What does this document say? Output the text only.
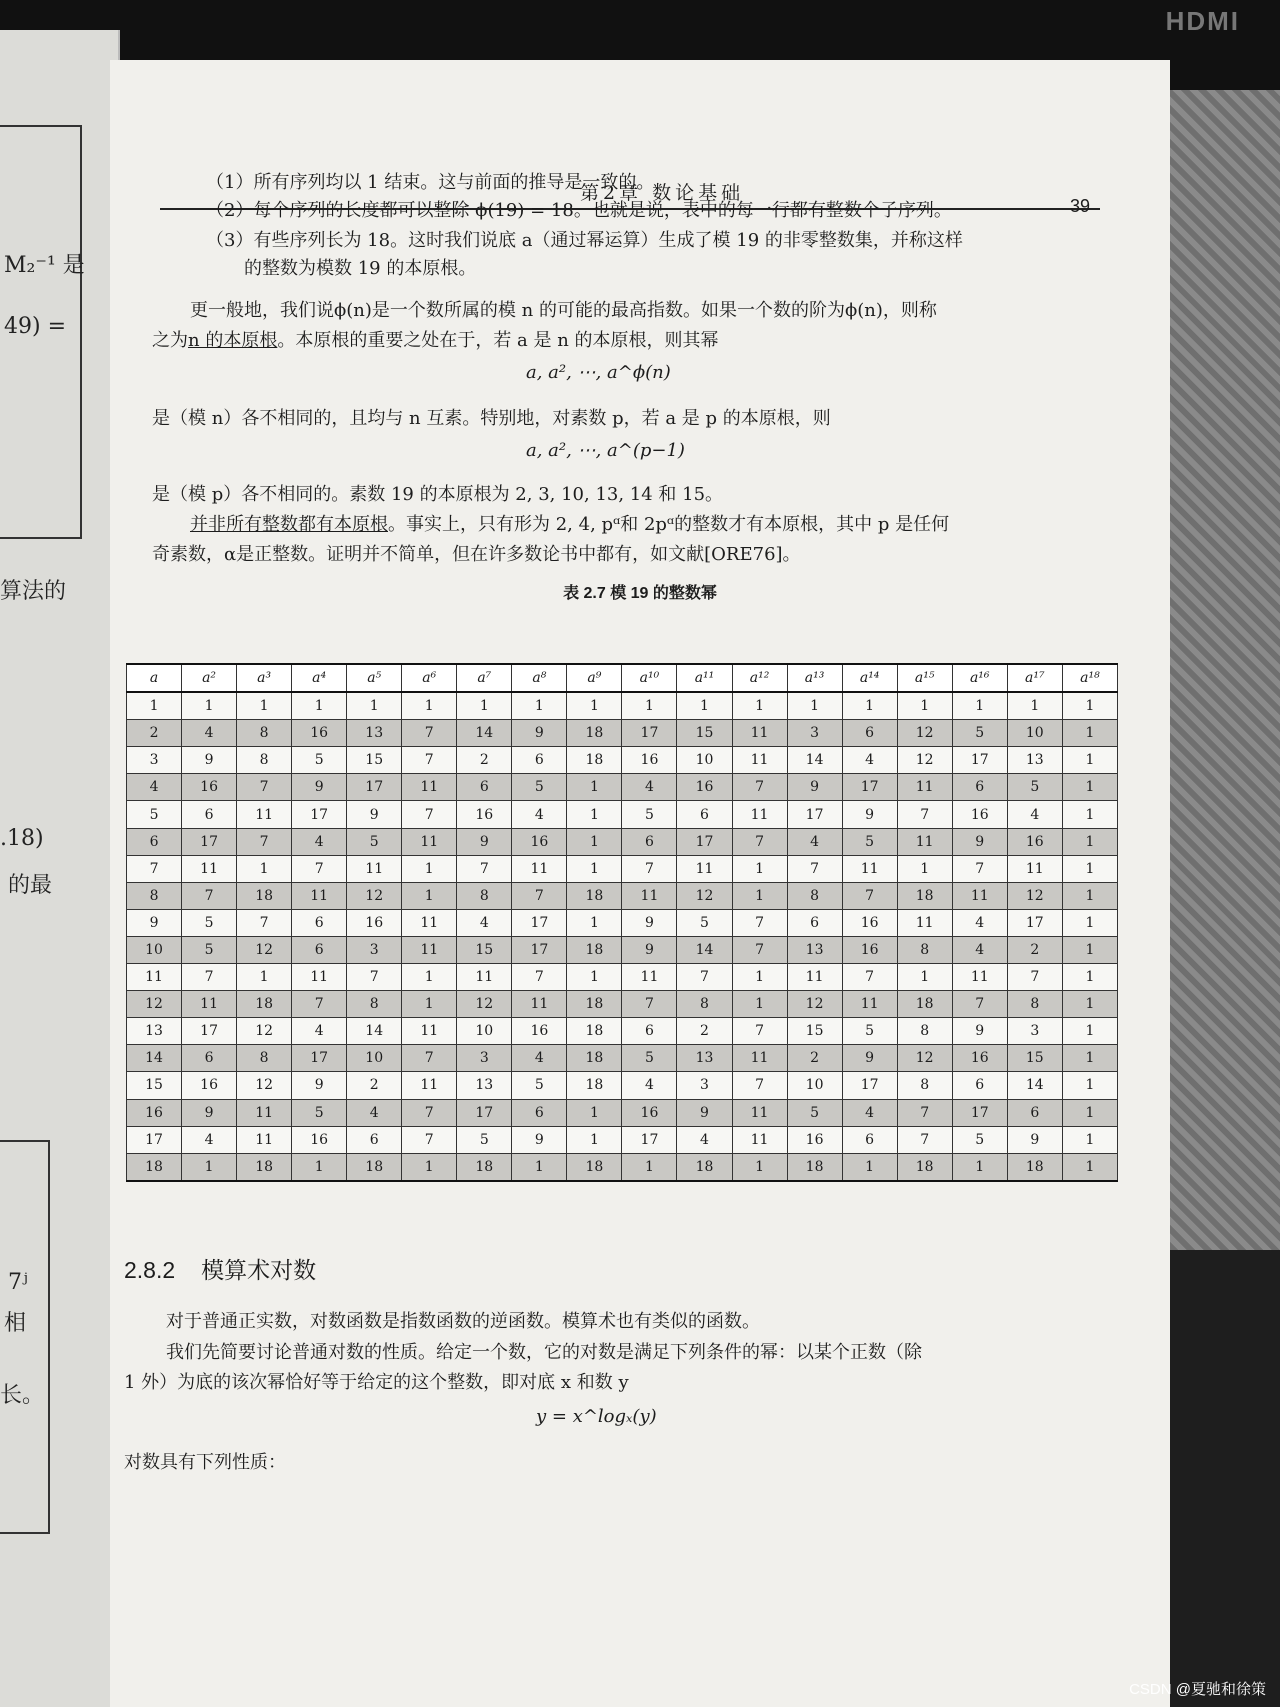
HDMI
M₂⁻¹ 是
49) =
算法的
.18)
的最
7ʲ
相
长。
第2章 数论基础
39
（1）所有序列均以 1 结束。这与前面的推导是一致的。
（2）每个序列的长度都可以整除 ϕ(19) = 18。也就是说，表中的每一行都有整数个子序列。
（3）有些序列长为 18。这时我们说底 a（通过幂运算）生成了模 19 的非零整数集，并称这样
的整数为模数 19 的本原根。
更一般地，我们说ϕ(n)是一个数所属的模 n 的可能的最高指数。如果一个数的阶为ϕ(n)，则称
之为n 的本原根。本原根的重要之处在于，若 a 是 n 的本原根，则其幂
a, a², ⋯, a^ϕ(n)
是（模 n）各不相同的，且均与 n 互素。特别地，对素数 p，若 a 是 p 的本原根，则
a, a², ⋯, a^(p−1)
是（模 p）各不相同的。素数 19 的本原根为 2, 3, 10, 13, 14 和 15。
并非所有整数都有本原根。事实上，只有形为 2, 4, pᵅ和 2pᵅ的整数才有本原根，其中 p 是任何
奇素数，α是正整数。证明并不简单，但在许多数论书中都有，如文献[ORE76]。
表 2.7 模 19 的整数幂
a	a²	a³	a⁴	a⁵	a⁶	a⁷	a⁸	a⁹	a¹⁰	a¹¹	a¹²	a¹³	a¹⁴	a¹⁵	a¹⁶	a¹⁷	a¹⁸
1	1	1	1	1	1	1	1	1	1	1	1	1	1	1	1	1	1
2	4	8	16	13	7	14	9	18	17	15	11	3	6	12	5	10	1
3	9	8	5	15	7	2	6	18	16	10	11	14	4	12	17	13	1
4	16	7	9	17	11	6	5	1	4	16	7	9	17	11	6	5	1
5	6	11	17	9	7	16	4	1	5	6	11	17	9	7	16	4	1
6	17	7	4	5	11	9	16	1	6	17	7	4	5	11	9	16	1
7	11	1	7	11	1	7	11	1	7	11	1	7	11	1	7	11	1
8	7	18	11	12	1	8	7	18	11	12	1	8	7	18	11	12	1
9	5	7	6	16	11	4	17	1	9	5	7	6	16	11	4	17	1
10	5	12	6	3	11	15	17	18	9	14	7	13	16	8	4	2	1
11	7	1	11	7	1	11	7	1	11	7	1	11	7	1	11	7	1
12	11	18	7	8	1	12	11	18	7	8	1	12	11	18	7	8	1
13	17	12	4	14	11	10	16	18	6	2	7	15	5	8	9	3	1
14	6	8	17	10	7	3	4	18	5	13	11	2	9	12	16	15	1
15	16	12	9	2	11	13	5	18	4	3	7	10	17	8	6	14	1
16	9	11	5	4	7	17	6	1	16	9	11	5	4	7	17	6	1
17	4	11	16	6	7	5	9	1	17	4	11	16	6	7	5	9	1
18	1	18	1	18	1	18	1	18	1	18	1	18	1	18	1	18	1
2.8.2 模算术对数
对于普通正实数，对数函数是指数函数的逆函数。模算术也有类似的函数。
我们先简要讨论普通对数的性质。给定一个数，它的对数是满足下列条件的幂：以某个正数（除
1 外）为底的该次幂恰好等于给定的这个整数，即对底 x 和数 y
y = x^logₓ(y)
对数具有下列性质：
CSDN @夏驰和徐策
